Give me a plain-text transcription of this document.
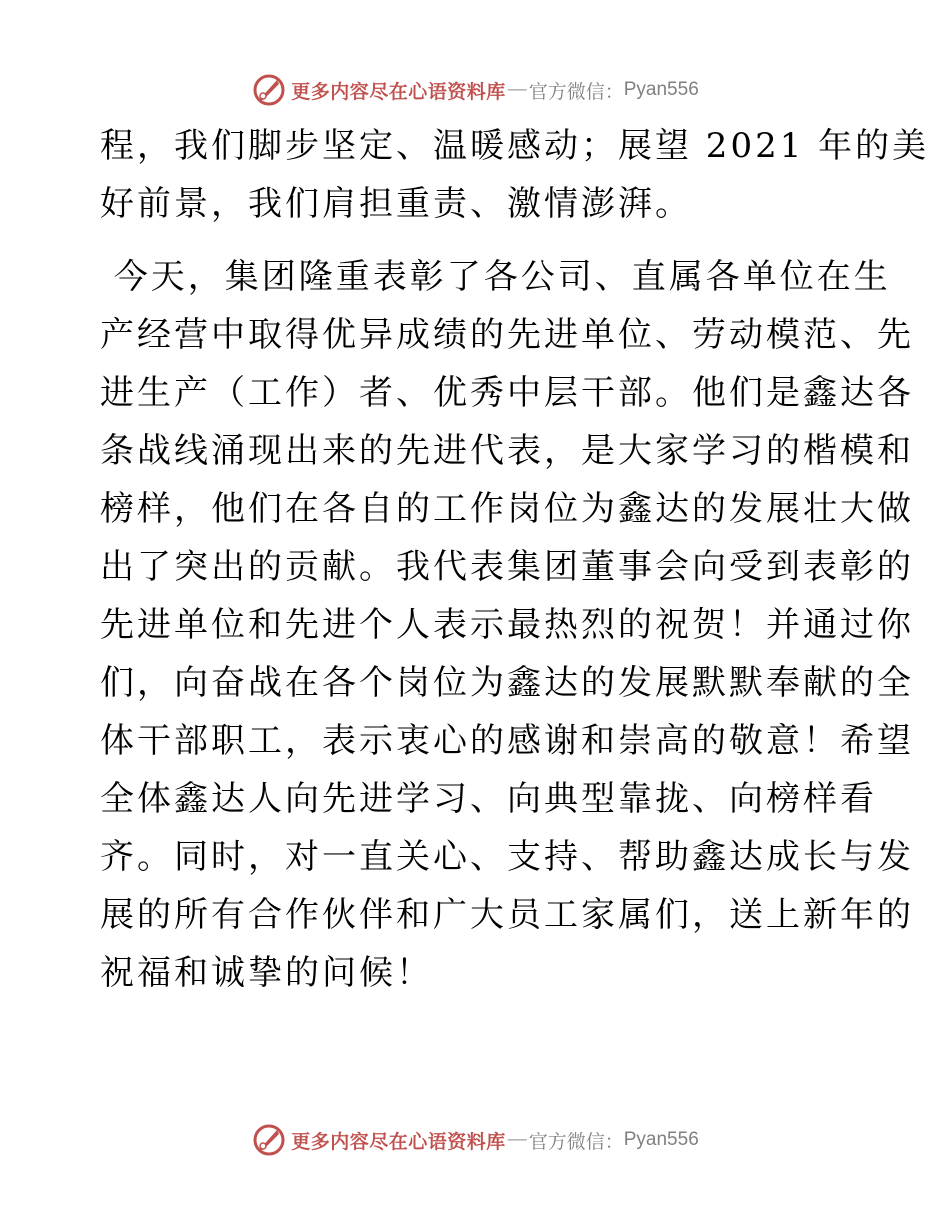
更多内容尽在心语资料库 — 官方微信： Pyan556
程，我们脚步坚定、温暖感动；展望 2021 年的美
好前景，我们肩担重责、激情澎湃。
今天，集团隆重表彰了各公司、直属各单位在生
产经营中取得优异成绩的先进单位、劳动模范、先
进生产（工作）者、优秀中层干部。他们是鑫达各
条战线涌现出来的先进代表，是大家学习的楷模和
榜样，他们在各自的工作岗位为鑫达的发展壮大做
出了突出的贡献。我代表集团董事会向受到表彰的
先进单位和先进个人表示最热烈的祝贺！并通过你
们，向奋战在各个岗位为鑫达的发展默默奉献的全
体干部职工，表示衷心的感谢和崇高的敬意！希望
全体鑫达人向先进学习、向典型靠拢、向榜样看
齐。同时，对一直关心、支持、帮助鑫达成长与发
展的所有合作伙伴和广大员工家属们，送上新年的
祝福和诚挚的问候！
更多内容尽在心语资料库 — 官方微信： Pyan556
